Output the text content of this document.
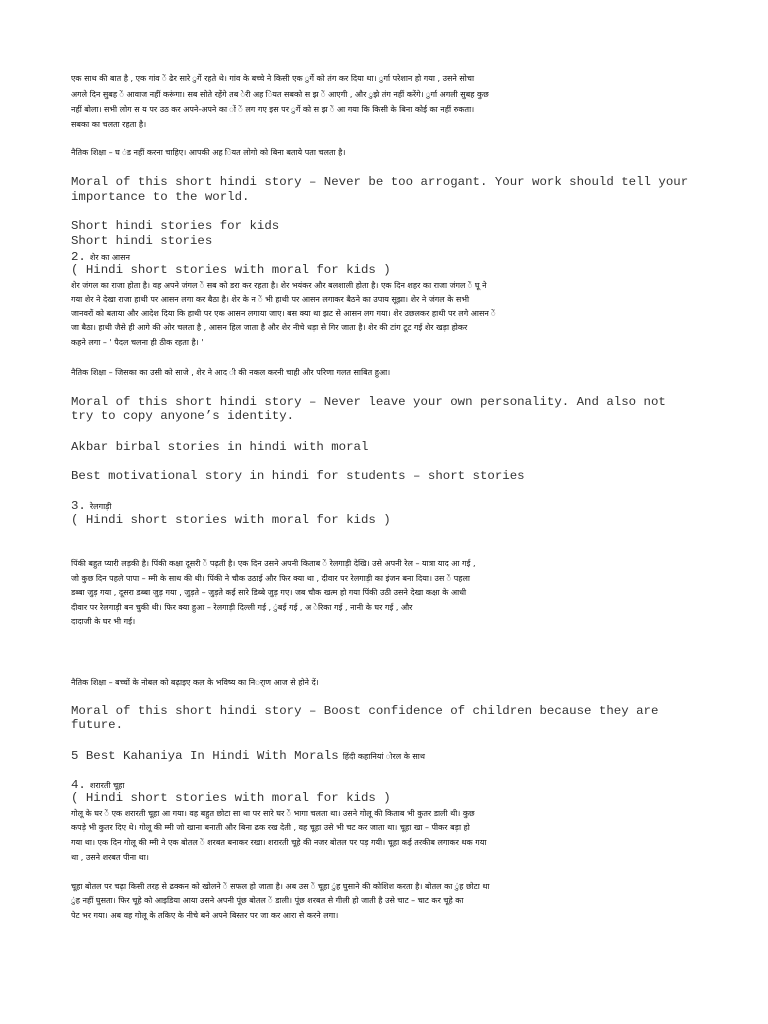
एक साथ की बात है , एक गांव ें ढेर सारे ुर्गे रहते थे। गांव के बच्चे ने किसी एक ुर्गे को तंग कर दिया था। ुर्गा परेशान हो गया , उसने सोचा
अगले दिन सुबह ें आवाज नहीं करूंगा। सब सोते रहेंगे तब ेरी अह ियत सबको स झ ें आएगी , और ुझे तंग नहीं करेंगे। ुर्गा अगली सुबह कुछ
नहीं बोला। सभी लोग स य पर उठ कर अपने-अपने का ों ें लग गए इस पर ुर्गे को स झ ें आ गया कि किसी के बिना कोई का नहीं रुकता।
सबका का चलता रहता है।
नैतिक शिक्षा – घ ंड नहीं करना चाहिए। आपकी अह ियत लोगो को बिना बताये पता चलता है।
Moral of this short hindi story – Never be too arrogant. Your work should tell your
importance to the world.
Short hindi stories for kids
Short hindi stories
2. शेर का आसन
( Hindi short stories with moral for kids )
शेर जंगल का राजा होता है। वह अपने जंगल ें सब को डरा कर रहता है। शेर भयंकर और बलशाली होता है। एक दिन शहर का राजा जंगल ें घू ने
गया शेर ने देखा राजा हाथी पर आसन लगा कर बैठा है। शेर के न ें भी हाथी पर आसन लगाकर बैठने का उपाय सूझा। शेर ने जंगल के सभी
जानवरों को बताया और आदेश दिया कि हाथी पर एक आसन लगाया जाए। बस क्या था झट से आसन लग गया। शेर उछलकर हाथी पर लगे आसन ें
जा बैठा। हाथी जैसे ही आगे की ओर चलता है , आसन हिल जाता है और शेर नीचे धड़ा से गिर जाता है। शेर की टांग टूट गई शेर खड़ा होकर
कहने लगा – ' पैदल चलना ही ठीक रहता है। '
नैतिक शिक्षा – जिसका का उसी को साजे , शेर ने आद ी की नकल करनी चाही और परिणा गलत साबित हुआ।
Moral of this short hindi story – Never leave your own personality. And also not
try to copy anyone’s identity.
Akbar birbal stories in hindi with moral
Best motivational story in hindi for students – short stories
3. रेलगाड़ी
( Hindi short stories with moral for kids )
पिंकी बहुत प्यारी लड़की है। पिंकी कक्षा दूसरी ें पढ़ती है। एक दिन उसने अपनी किताब ें रेलगाड़ी देखि। उसे अपनी रेल – यात्रा याद आ गई ,
जो कुछ दिन पहले पापा – म्मी के साथ की थी। पिंकी ने चौक उठाई और फिर क्या था , दीवार पर रेलगाड़ी का इंजन बना दिया। उस ें पहला
डब्बा जुड़ गया , दूसरा डब्बा जुड़ गया , जुड़ते – जुड़ते कई सारे डिब्बे जुड़ गए। जब चौक खत्म हो गया पिंकी उठी उसने देखा कक्षा के आधी
दीवार पर रेलगाड़ी बन चुकी थी। फिर क्या हुआ – रेलगाड़ी दिल्ली गई , ुंबई गई , अ ेरिका गई , नानी के घर गई , और
दादाजी के घर भी गई।
नैतिक शिक्षा – बच्चों के नोबल को बढ़ाइए कल के भविष्य का निर्ाण आज से होने दें।
Moral of this short hindi story – Boost confidence of children because they are
future.
5 Best Kahaniya In Hindi With Morals हिंदी कहानियां ोरल के साथ
4. शरारती चूहा
( Hindi short stories with moral for kids )
गोलू के घर ें एक शरारती चूहा आ गया। वह बहुत छोटा सा था पर सारे घर ें भागा चलता था। उसने गोलू की किताब भी कुतर डाली थी। कुछ
कपड़े भी कुतर दिए थे। गोलू की म्मी जो खाना बनाती और बिना ढक रख देती , वह चूहा उसे भी चट कर जाता था। चूहा खा – पीकर बड़ा हो
गया था। एक दिन गोलू की म्मी ने एक बोतल ें शरबत बनाकर रखा। शरारती चूहे की नजर बोतल पर पड़ गयी। चूहा कई तरकीब लगाकर थक गया
था , उसने शरबत पीना था।
चूहा बोतल पर चढ़ा किसी तरह से ढक्कन को खोलने ें सफल हो जाता है। अब उस ें चूहा ुंह घुसाने की कोशिश करता है। बोतल का ुंह छोटा था
ुंह नहीं घुसता। फिर चूहे को आइडिया आया उसने अपनी पूंछ बोतल ें डाली। पूंछ शरबत से गीली हो जाती है उसे चाट – चाट कर चूहे का
पेट भर गया। अब वह गोलू के तकिए के नीचे बने अपने बिस्तर पर जा कर आरा से करने लगा।
